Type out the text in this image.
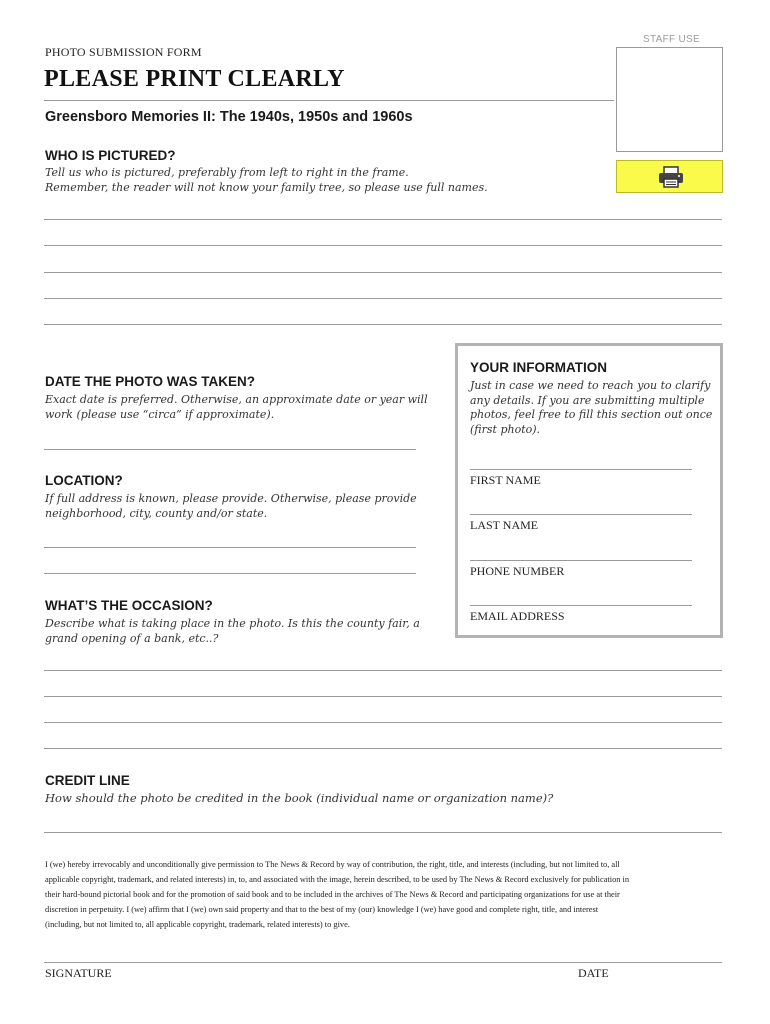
STAFF USE
PHOTO SUBMISSION FORM
PLEASE PRINT CLEARLY
Greensboro Memories II: The 1940s, 1950s and 1960s
WHO IS PICTURED?
Tell us who is pictured, preferably from left to right in the frame.
Remember, the reader will not know your family tree, so please use full names.
DATE THE PHOTO WAS TAKEN?
Exact date is preferred. Otherwise, an approximate date or year will
work (please use “circa” if approximate).
LOCATION?
If full address is known, please provide. Otherwise, please provide
neighborhood, city, county and/or state.
WHAT’S THE OCCASION?
Describe what is taking place in the photo. Is this the county fair, a
grand opening of a bank, etc..?
YOUR INFORMATION
Just in case we need to reach you to clarify
any details. If you are submitting multiple
photos, feel free to fill this section out once
(first photo).
FIRST NAME
LAST NAME
PHONE NUMBER
EMAIL ADDRESS
CREDIT LINE
How should the photo be credited in the book (individual name or organization name)?
I (we) hereby irrevocably and unconditionally give permission to The News & Record by way of contribution, the right, title, and interests (including, but not limited to, all
applicable copyright, trademark, and related interests) in, to, and associated with the image, herein described, to be used by The News & Record exclusively for publication in
their hard-bound pictorial book and for the promotion of said book and to be included in the archives of The News & Record and participating organizations for use at their
discretion in perpetuity. I (we) affirm that I (we) own said property and that to the best of my (our) knowledge I (we) have good and complete right, title, and interest
(including, but not limited to, all applicable copyright, trademark, related interests) to give.
SIGNATURE	DATE
